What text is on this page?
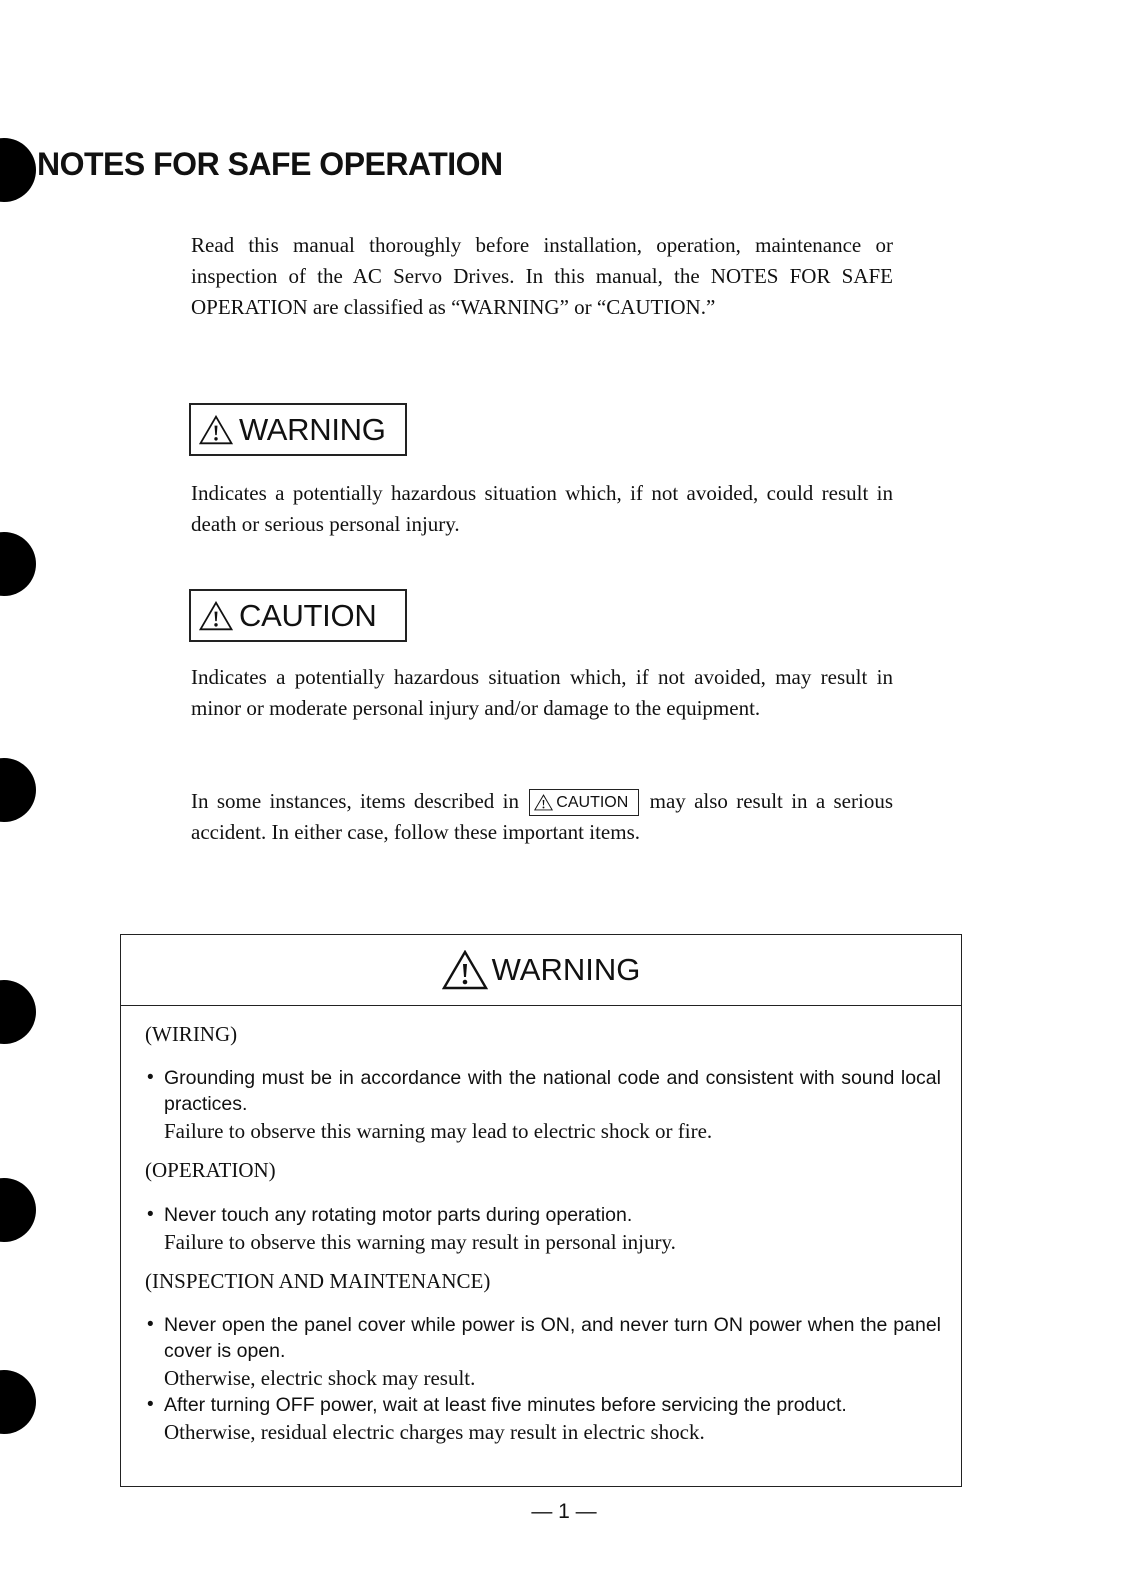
NOTES FOR SAFE OPERATION

Read this manual thoroughly before installation, operation, maintenance or inspection of the AC Servo Drives. In this manual, the NOTES FOR SAFE OPERATION are classified as “WARNING” or “CAUTION.”

WARNING

Indicates a potentially hazardous situation which, if not avoided, could result in death or serious personal injury.

CAUTION

Indicates a potentially hazardous situation which, if not avoided, may result in minor or moderate personal injury and/or damage to the equipment.

In some instances, items described in CAUTION may also result in a serious accident. In either case, follow these important items.

WARNING

(WIRING)

• Grounding must be in accordance with the national code and consistent with sound local practices.
Failure to observe this warning may lead to electric shock or fire.

(OPERATION)

• Never touch any rotating motor parts during operation.
Failure to observe this warning may result in personal injury.

(INSPECTION AND MAINTENANCE)

• Never open the panel cover while power is ON, and never turn ON power when the panel cover is open.
Otherwise, electric shock may result.
• After turning OFF power, wait at least five minutes before servicing the product.
Otherwise, residual electric charges may result in electric shock.
— 1 —
